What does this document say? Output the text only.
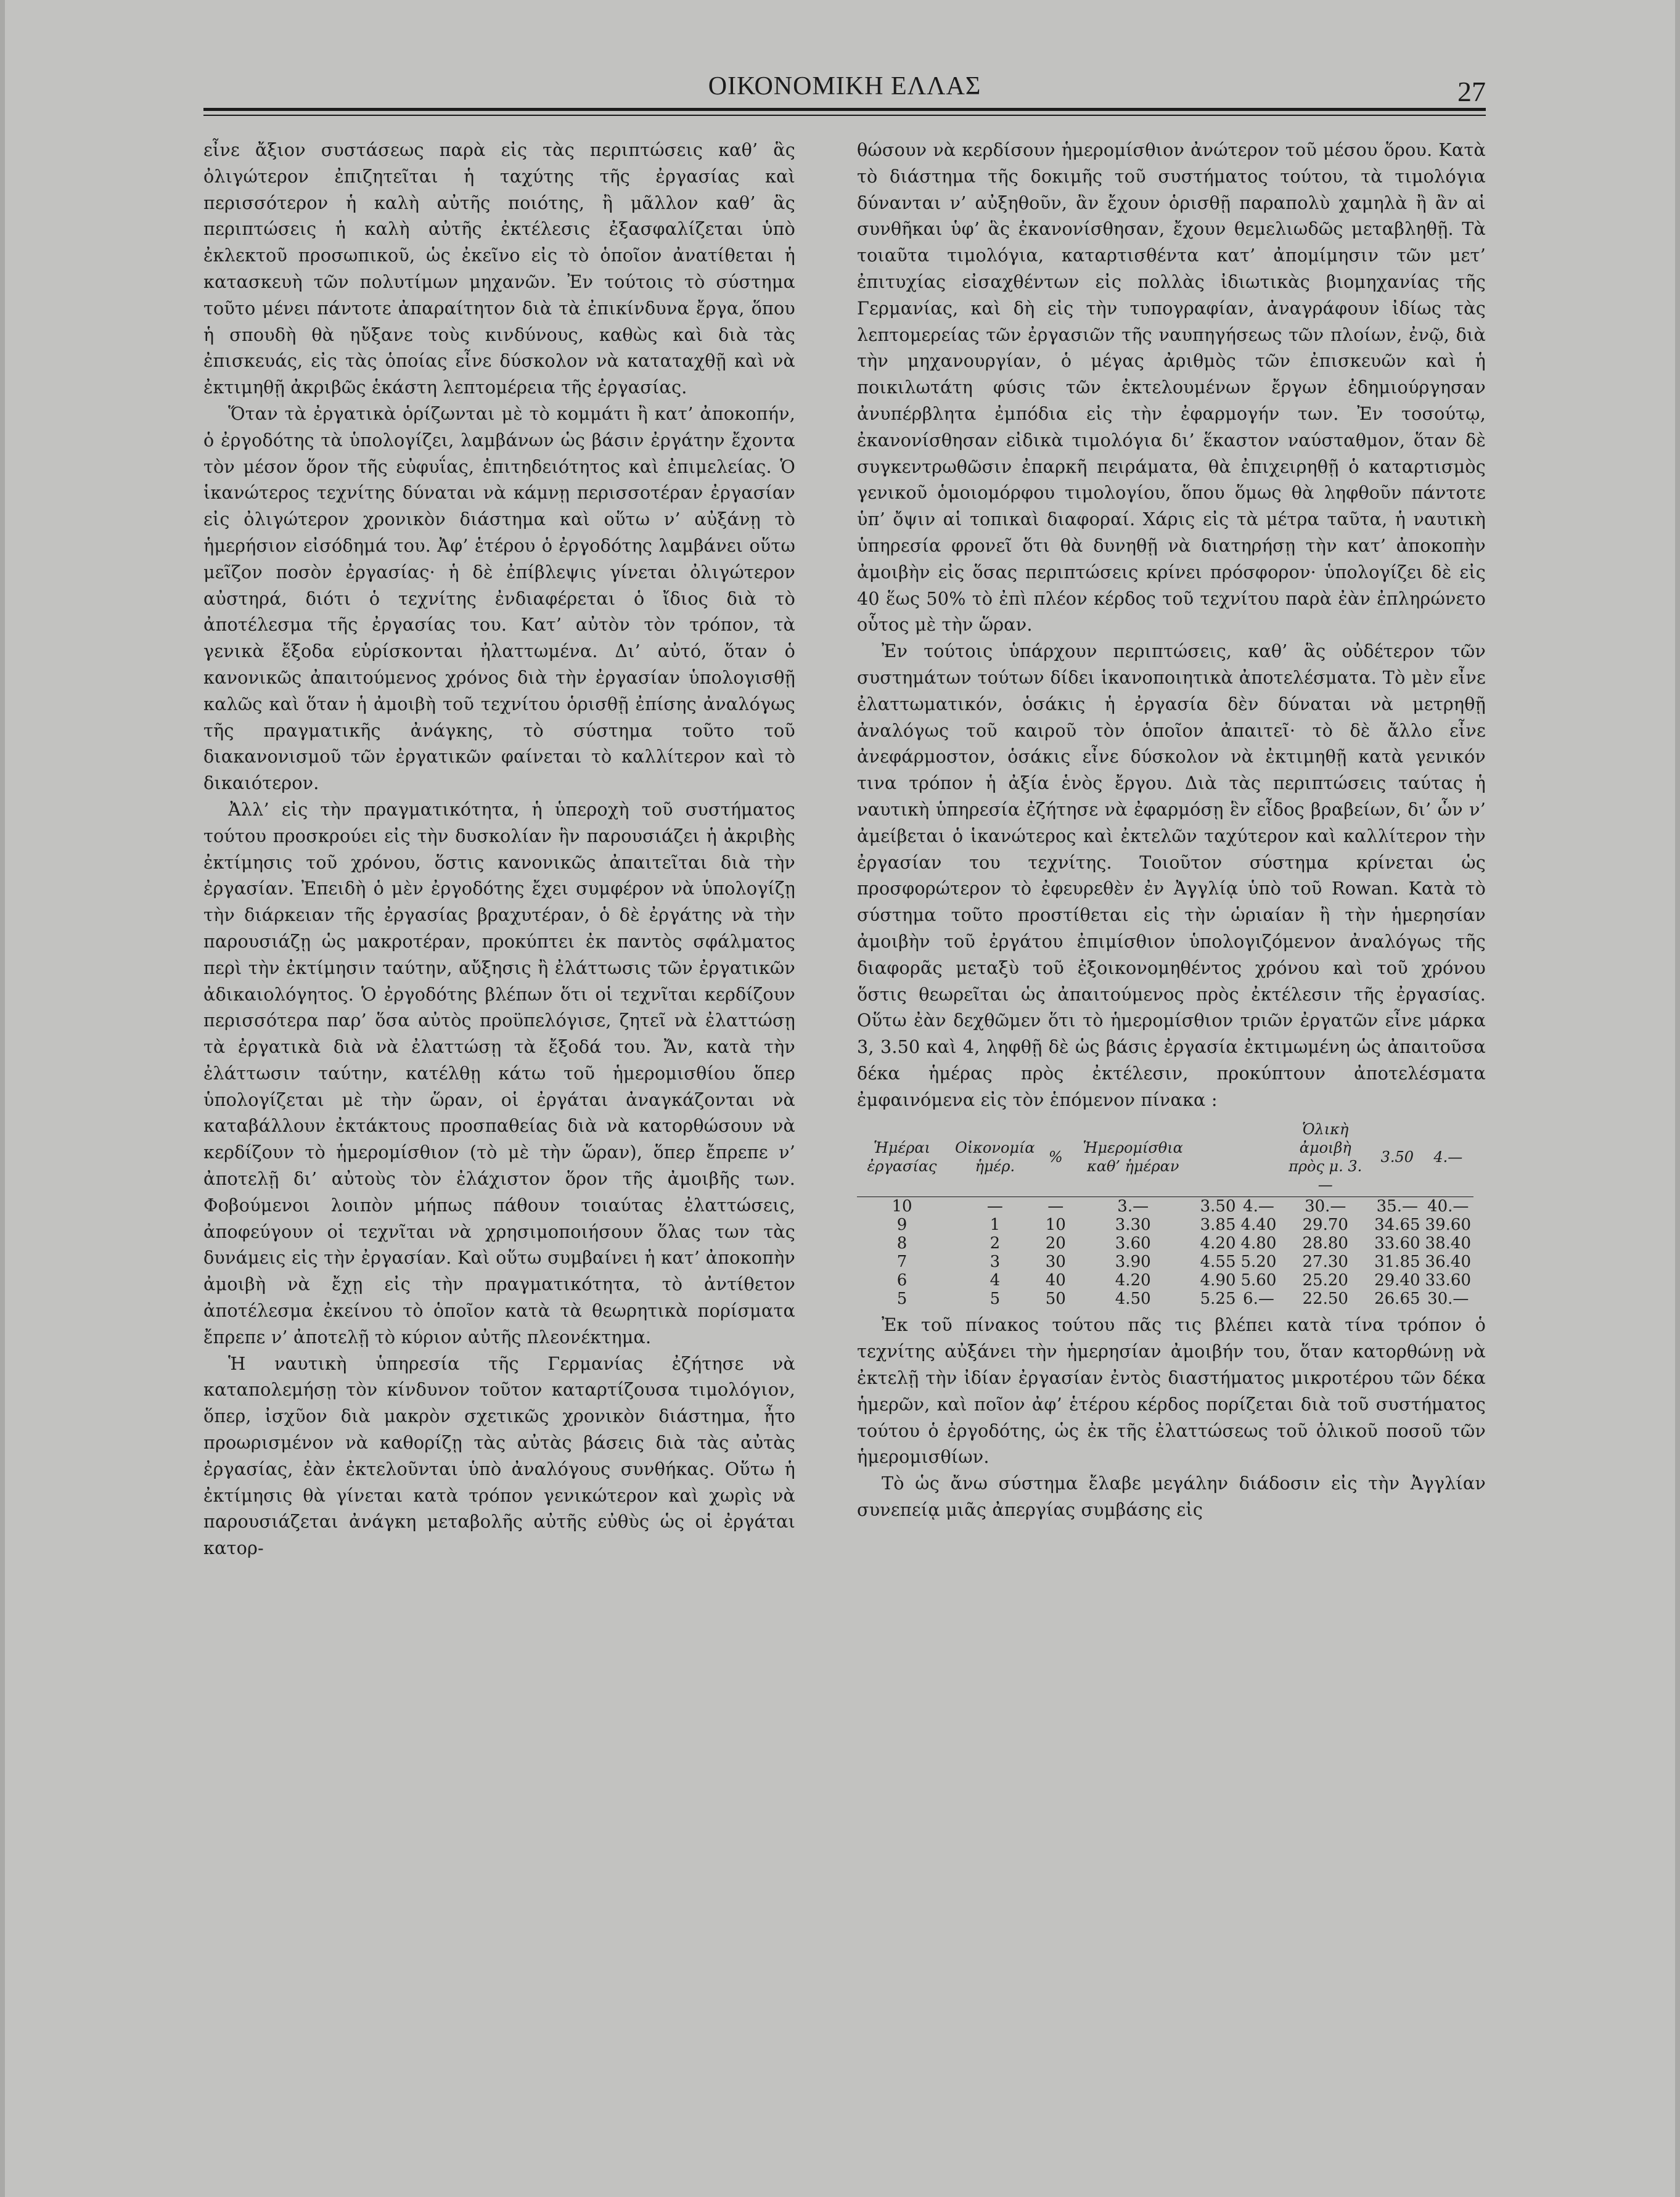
ΟΙΚΟΝΟΜΙΚΗ ΕΛΛΑΣ	27

εἶνε ἄξιον συστάσεως παρὰ εἰς τὰς περιπτώσεις καθ’ ἃς ὀλιγώτερον ἐπιζητεῖται ἡ ταχύτης τῆς ἐργασίας καὶ περισσότερον ἡ καλὴ αὐτῆς ποιότης, ἢ μᾶλλον καθ’ ἃς περιπτώσεις ἡ καλὴ αὐτῆς ἐκτέλεσις ἐξασφαλίζεται ὑπὸ ἐκλεκτοῦ προσωπικοῦ, ὡς ἐκεῖνο εἰς τὸ ὁποῖον ἀνατίθεται ἡ κατασκευὴ τῶν πολυτίμων μηχανῶν. Ἐν τούτοις τὸ σύστημα τοῦτο μένει πάντοτε ἀπαραίτητον διὰ τὰ ἐπικίνδυνα ἔργα, ὅπου ἡ σπουδὴ θὰ ηὔξανε τοὺς κινδύνους, καθὼς καὶ διὰ τὰς ἐπισκευάς, εἰς τὰς ὁποίας εἶνε δύσκολον νὰ καταταχθῇ καὶ νὰ ἐκτιμηθῇ ἀκριβῶς ἑκάστη λεπτομέρεια τῆς ἐργασίας.

Ὅταν τὰ ἐργατικὰ ὁρίζωνται μὲ τὸ κομμάτι ἢ κατ’ ἀποκοπήν, ὁ ἐργοδότης τὰ ὑπολογίζει, λαμβάνων ὡς βάσιν ἐργάτην ἔχοντα τὸν μέσον ὅρον τῆς εὐφυΐας, ἐπιτηδειότητος καὶ ἐπιμελείας. Ὁ ἱκανώτερος τεχνίτης δύναται νὰ κάμνῃ περισσοτέραν ἐργασίαν εἰς ὀλιγώτερον χρονικὸν διάστημα καὶ οὕτω ν’ αὐξάνῃ τὸ ἡμερήσιον εἰσόδημά του. Ἀφ’ ἑτέρου ὁ ἐργοδότης λαμβάνει οὕτω μεῖζον ποσὸν ἐργασίας· ἡ δὲ ἐπίβλεψις γίνεται ὀλιγώτερον αὐστηρά, διότι ὁ τεχνίτης ἐνδιαφέρεται ὁ ἴδιος διὰ τὸ ἀποτέλεσμα τῆς ἐργασίας του. Κατ’ αὐτὸν τὸν τρόπον, τὰ γενικὰ ἔξοδα εὑρίσκονται ἠλαττωμένα. Δι’ αὐτό, ὅταν ὁ κανονικῶς ἀπαιτούμενος χρόνος διὰ τὴν ἐργασίαν ὑπολογισθῇ καλῶς καὶ ὅταν ἡ ἀμοιβὴ τοῦ τεχνίτου ὁρισθῇ ἐπίσης ἀναλόγως τῆς πραγματικῆς ἀνάγκης, τὸ σύστημα τοῦτο τοῦ διακανονισμοῦ τῶν ἐργατικῶν φαίνεται τὸ καλλίτερον καὶ τὸ δικαιότερον.

Ἀλλ’ εἰς τὴν πραγματικότητα, ἡ ὑπεροχὴ τοῦ συστήματος τούτου προσκρούει εἰς τὴν δυσκολίαν ἣν παρουσιάζει ἡ ἀκριβὴς ἐκτίμησις τοῦ χρόνου, ὅστις κανονικῶς ἀπαιτεῖται διὰ τὴν ἐργασίαν. Ἐπειδὴ ὁ μὲν ἐργοδότης ἔχει συμφέρον νὰ ὑπολογίζῃ τὴν διάρκειαν τῆς ἐργασίας βραχυτέραν, ὁ δὲ ἐργάτης νὰ τὴν παρουσιάζῃ ὡς μακροτέραν, προκύπτει ἐκ παντὸς σφάλματος περὶ τὴν ἐκτίμησιν ταύτην, αὔξησις ἢ ἐλάττωσις τῶν ἐργατικῶν ἀδικαιολόγητος. Ὁ ἐργοδότης βλέπων ὅτι οἱ τεχνῖται κερδίζουν περισσότερα παρ’ ὅσα αὐτὸς προϋπελόγισε, ζητεῖ νὰ ἐλαττώσῃ τὰ ἐργατικὰ διὰ νὰ ἐλαττώσῃ τὰ ἔξοδά του. Ἄν, κατὰ τὴν ἐλάττωσιν ταύτην, κατέλθῃ κάτω τοῦ ἡμερομισθίου ὅπερ ὑπολογίζεται μὲ τὴν ὥραν, οἱ ἐργάται ἀναγκάζονται νὰ καταβάλλουν ἐκτάκτους προσπαθείας διὰ νὰ κατορθώσουν νὰ κερδίζουν τὸ ἡμερομίσθιον (τὸ μὲ τὴν ὥραν), ὅπερ ἔπρεπε ν’ ἀποτελῇ δι’ αὐτοὺς τὸν ἐλάχιστον ὅρον τῆς ἀμοιβῆς των. Φοβούμενοι λοιπὸν μήπως πάθουν τοιαύτας ἐλαττώσεις, ἀποφεύγουν οἱ τεχνῖται νὰ χρησιμοποιήσουν ὅλας των τὰς δυνάμεις εἰς τὴν ἐργασίαν. Καὶ οὕτω συμβαίνει ἡ κατ’ ἀποκοπὴν ἀμοιβὴ νὰ ἔχῃ εἰς τὴν πραγματικότητα, τὸ ἀντίθετον ἀποτέλεσμα ἐκείνου τὸ ὁποῖον κατὰ τὰ θεωρητικὰ πορίσματα ἔπρεπε ν’ ἀποτελῇ τὸ κύριον αὐτῆς πλεονέκτημα.

Ἡ ναυτικὴ ὑπηρεσία τῆς Γερμανίας ἐζήτησε νὰ καταπολεμήσῃ τὸν κίνδυνον τοῦτον καταρτίζουσα τιμολόγιον, ὅπερ, ἰσχῦον διὰ μακρὸν σχετικῶς χρονικὸν διάστημα, ἦτο προωρισμένον νὰ καθορίζῃ τὰς αὐτὰς βάσεις διὰ τὰς αὐτὰς ἐργασίας, ἐὰν ἐκτελοῦνται ὑπὸ ἀναλόγους συνθήκας. Οὕτω ἡ ἐκτίμησις θὰ γίνεται κατὰ τρόπον γενικώτερον καὶ χωρὶς νὰ παρουσιάζεται ἀνάγκη μεταβολῆς αὐτῆς εὐθὺς ὡς οἱ ἐργάται κατορ-

θώσουν νὰ κερδίσουν ἡμερομίσθιον ἀνώτερον τοῦ μέσου ὅρου. Κατὰ τὸ διάστημα τῆς δοκιμῆς τοῦ συστήματος τούτου, τὰ τιμολόγια δύνανται ν’ αὐξηθοῦν, ἂν ἔχουν ὁρισθῇ παραπολὺ χαμηλὰ ἢ ἂν αἱ συνθῆκαι ὑφ’ ἃς ἐκανονίσθησαν, ἔχουν θεμελιωδῶς μεταβληθῇ. Τὰ τοιαῦτα τιμολόγια, καταρτισθέντα κατ’ ἀπομίμησιν τῶν μετ’ ἐπιτυχίας εἰσαχθέντων εἰς πολλὰς ἰδιωτικὰς βιομηχανίας τῆς Γερμανίας, καὶ δὴ εἰς τὴν τυπογραφίαν, ἀναγράφουν ἰδίως τὰς λεπτομερείας τῶν ἐργασιῶν τῆς ναυπηγήσεως τῶν πλοίων, ἐνῷ, διὰ τὴν μηχανουργίαν, ὁ μέγας ἀριθμὸς τῶν ἐπισκευῶν καὶ ἡ ποικιλωτάτη φύσις τῶν ἐκτελουμένων ἔργων ἐδημιούργησαν ἀνυπέρβλητα ἐμπόδια εἰς τὴν ἐφαρμογήν των. Ἐν τοσούτῳ, ἐκανονίσθησαν εἰδικὰ τιμολόγια δι’ ἕκαστον ναύσταθμον, ὅταν δὲ συγκεντρωθῶσιν ἐπαρκῆ πειράματα, θὰ ἐπιχειρηθῇ ὁ καταρτισμὸς γενικοῦ ὁμοιομόρφου τιμολογίου, ὅπου ὅμως θὰ ληφθοῦν πάντοτε ὑπ’ ὄψιν αἱ τοπικαὶ διαφοραί. Χάρις εἰς τὰ μέτρα ταῦτα, ἡ ναυτικὴ ὑπηρεσία φρονεῖ ὅτι θὰ δυνηθῇ νὰ διατηρήσῃ τὴν κατ’ ἀποκοπὴν ἀμοιβὴν εἰς ὅσας περιπτώσεις κρίνει πρόσφορον· ὑπολογίζει δὲ εἰς 40 ἕως 50% τὸ ἐπὶ πλέον κέρδος τοῦ τεχνίτου παρὰ ἐὰν ἐπληρώνετο οὗτος μὲ τὴν ὥραν.

Ἐν τούτοις ὑπάρχουν περιπτώσεις, καθ’ ἃς οὐδέτερον τῶν συστημάτων τούτων δίδει ἱκανοποιητικὰ ἀποτελέσματα. Τὸ μὲν εἶνε ἐλαττωματικόν, ὁσάκις ἡ ἐργασία δὲν δύναται νὰ μετρηθῇ ἀναλόγως τοῦ καιροῦ τὸν ὁποῖον ἀπαιτεῖ· τὸ δὲ ἄλλο εἶνε ἀνεφάρμοστον, ὁσάκις εἶνε δύσκολον νὰ ἐκτιμηθῇ κατὰ γενικόν τινα τρόπον ἡ ἀξία ἑνὸς ἔργου. Διὰ τὰς περιπτώσεις ταύτας ἡ ναυτικὴ ὑπηρεσία ἐζήτησε νὰ ἐφαρμόσῃ ἓν εἶδος βραβείων, δι’ ὧν ν’ ἀμείβεται ὁ ἱκανώτερος καὶ ἐκτελῶν ταχύτερον καὶ καλλίτερον τὴν ἐργασίαν του τεχνίτης. Τοιοῦτον σύστημα κρίνεται ὡς προσφορώτερον τὸ ἐφευρεθὲν ἐν Ἀγγλίᾳ ὑπὸ τοῦ Rowan. Κατὰ τὸ σύστημα τοῦτο προστίθεται εἰς τὴν ὡριαίαν ἢ τὴν ἡμερησίαν ἀμοιβὴν τοῦ ἐργάτου ἐπιμίσθιον ὑπολογιζόμενον ἀναλόγως τῆς διαφορᾶς μεταξὺ τοῦ ἐξοικονομηθέντος χρόνου καὶ τοῦ χρόνου ὅστις θεωρεῖται ὡς ἀπαιτούμενος πρὸς ἐκτέλεσιν τῆς ἐργασίας. Οὕτω ἐὰν δεχθῶμεν ὅτι τὸ ἡμερομίσθιον τριῶν ἐργατῶν εἶνε μάρκα 3, 3.50 καὶ 4, ληφθῇ δὲ ὡς βάσις ἐργασία ἐκτιμωμένη ὡς ἀπαιτοῦσα δέκα ἡμέρας πρὸς ἐκτέλεσιν, προκύπτουν ἀποτελέσματα ἐμφαινόμενα εἰς τὸν ἑπόμενον πίνακα :

Ἡμέραι ἐργασίας	Οἰκονομία ἡμέρ.	%	Ἡμερομίσθια καθ’ ἡμέραν			Ὁλικὴ ἀμοιβὴ πρὸς μ. 3.—	3.50	4.—
10	—	—	3.—	3.50	4.—	30.—	35.—	40.—
9	1	10	3.30	3.85	4.40	29.70	34.65	39.60
8	2	20	3.60	4.20	4.80	28.80	33.60	38.40
7	3	30	3.90	4.55	5.20	27.30	31.85	36.40
6	4	40	4.20	4.90	5.60	25.20	29.40	33.60
5	5	50	4.50	5.25	6.—	22.50	26.65	30.—

Ἐκ τοῦ πίνακος τούτου πᾶς τις βλέπει κατὰ τίνα τρόπον ὁ τεχνίτης αὐξάνει τὴν ἡμερησίαν ἀμοιβήν του, ὅταν κατορθώνῃ νὰ ἐκτελῇ τὴν ἰδίαν ἐργασίαν ἐντὸς διαστήματος μικροτέρου τῶν δέκα ἡμερῶν, καὶ ποῖον ἀφ’ ἑτέρου κέρδος πορίζεται διὰ τοῦ συστήματος τούτου ὁ ἐργοδότης, ὡς ἐκ τῆς ἐλαττώσεως τοῦ ὁλικοῦ ποσοῦ τῶν ἡμερομισθίων.

Τὸ ὡς ἄνω σύστημα ἔλαβε μεγάλην διάδοσιν εἰς τὴν Ἀγγλίαν συνεπείᾳ μιᾶς ἀπεργίας συμβάσης εἰς
